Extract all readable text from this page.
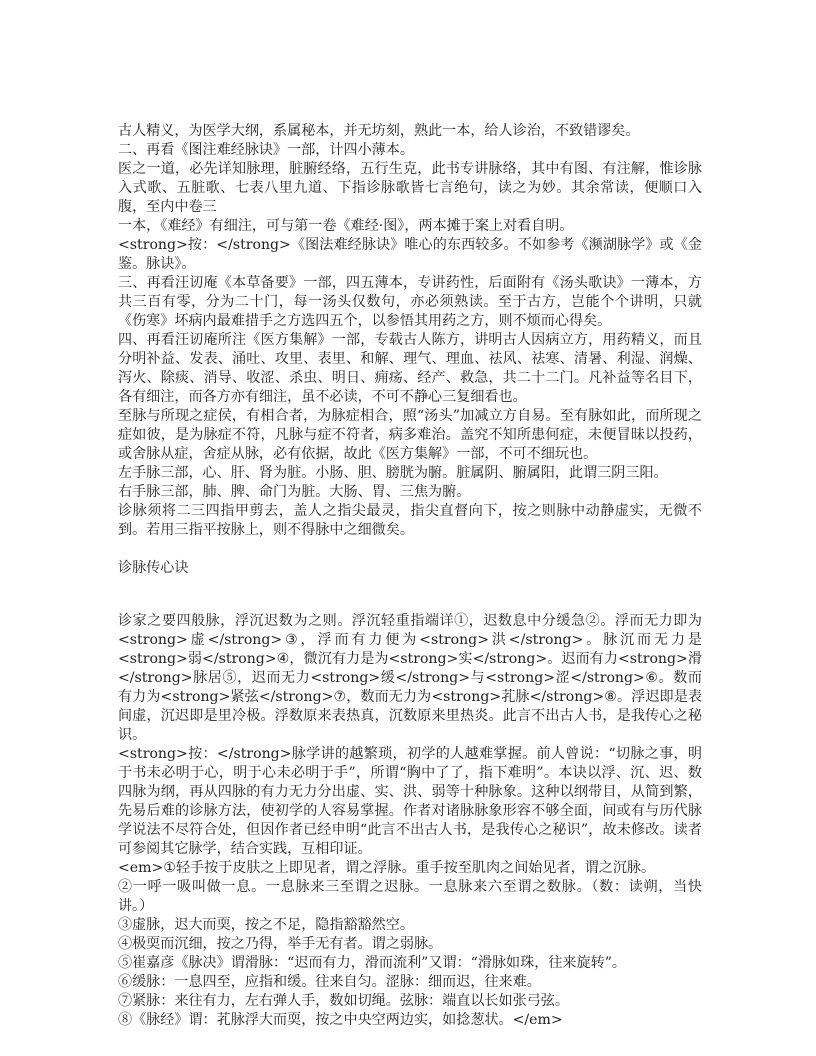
古人精义，为医学大纲，系属秘本，并无坊刻，熟此一本，给人诊治，不致错谬矣。

二、再看《图注难经脉诀》一部，计四小薄本。

医之一道，必先详知脉理，脏腑经络，五行生克，此书专讲脉络，其中有图、有注解，惟诊脉入式歌、五脏歌、七表八里九道、下指诊脉歌皆七言绝句，读之为妙。其余常读，便顺口入腹，至内中卷三

一本，《难经》有细注，可与第一卷《难经·图》，两本摊于案上对看自明。

<strong>按：</strong>《图法难经脉诀》唯心的东西较多。不如参考《濒湖脉学》或《金鉴。脉诀》。

三、再看汪讱庵《本草备要》一部，四五薄本，专讲药性，后面附有《汤头歌诀》一薄本，方共三百有零，分为二十门，每一汤头仅数句，亦必须熟读。至于古方，岂能个个讲明，只就《伤寒》坏病内最难措手之方选四五个，以参悟其用药之方，则不烦而心得矣。

四、再看汪讱庵所注《医方集解》一部，专载古人陈方，讲明古人因病立方，用药精义，而且分明补益、发表、涌吐、攻里、表里、和解、理气、理血、祛风、祛寒、清暑、利湿、润燥、泻火、除痰、消导、收涩、杀虫、明日、痈疡、经产、救急，共二十二门。凡补益等名目下，各有细注，而各方亦有细注，虽不必读，不可不静心三复细看也。

至脉与所现之症侯，有相合者，为脉症相合，照“汤头”加减立方自易。至有脉如此，而所现之症如彼，是为脉症不符，凡脉与症不符者，病多难治。盖究不知所患何症，未便冒昧以投药，或舍脉从症，舍症从脉，必有依据，故此《医方集解》一部，不可不细玩也。

左手脉三部，心、肝、肾为脏。小肠、胆、膀胱为腑。脏属阴、腑属阳，此谓三阴三阳。

右手脉三部，肺、脾、命门为脏。大肠、胃、三焦为腑。

诊脉须将二三四指甲剪去，盖人之指尖最灵，指尖直督向下，按之则脉中动静虚实，无微不到。若用三指平按脉上，则不得脉中之细微矣。

诊脉传心诀

诊家之要四般脉，浮沉迟数为之则。浮沉轻重指端详①，迟数息中分缓急②。浮而无力即为<strong>虚</strong>③，浮而有力便为<strong>洪</strong>。脉沉而无力是<strong>弱</strong>④，微沉有力是为<strong>实</strong>。迟而有力<strong>滑</strong>脉居⑤，迟而无力<strong>缓</strong>与<strong>涩</strong>⑥。数而有力为<strong>紧弦</strong>⑦，数而无力为<strong>芤脉</strong>⑧。浮迟即是表间虚，沉迟即是里冷极。浮数原来表热真，沉数原来里热炎。此言不出古人书，是我传心之秘识。

<strong>按：</strong>脉学讲的越繁琐，初学的人越难掌握。前人曾说：“切脉之事，明于书未必明于心，明于心未必明于手”，所谓“胸中了了，指下难明”。本诀以浮、沉、迟、数四脉为纲，再从四脉的有力无力分出虚、实、洪、弱等十种脉象。这种以纲带目，从简到繁，先易后难的诊脉方法，使初学的人容易掌握。作者对诸脉脉象形容不够全面，间或有与历代脉学说法不尽符合处，但因作者已经申明“此言不出古人书，是我传心之秘识”，故未修改。读者可参阅其它脉学，结合实践，互相印证。

<em>①轻手按于皮肤之上即见者，谓之浮脉。重手按至肌肉之间始见者，谓之沉脉。

②一呼一吸叫做一息。一息脉来三至谓之迟脉。一息脉来六至谓之数脉。（数：读朔，当快讲。）

③虚脉，迟大而耎，按之不足，隐指豁豁然空。

④极耎而沉细，按之乃得，举手无有者。谓之弱脉。

⑤崔嘉彦《脉决》谓滑脉：“迟而有力，滑而流利”又谓：“滑脉如珠，往来旋转”。

⑥缓脉：一息四至，应指和缓。往来自匀。涩脉：细而迟，往来难。

⑦紧脉：来往有力，左右弹人手，数如切绳。弦脉：端直以长如张弓弦。

⑧《脉经》谓：芤脉浮大而耎，按之中央空两边实，如捻葱状。</em>
